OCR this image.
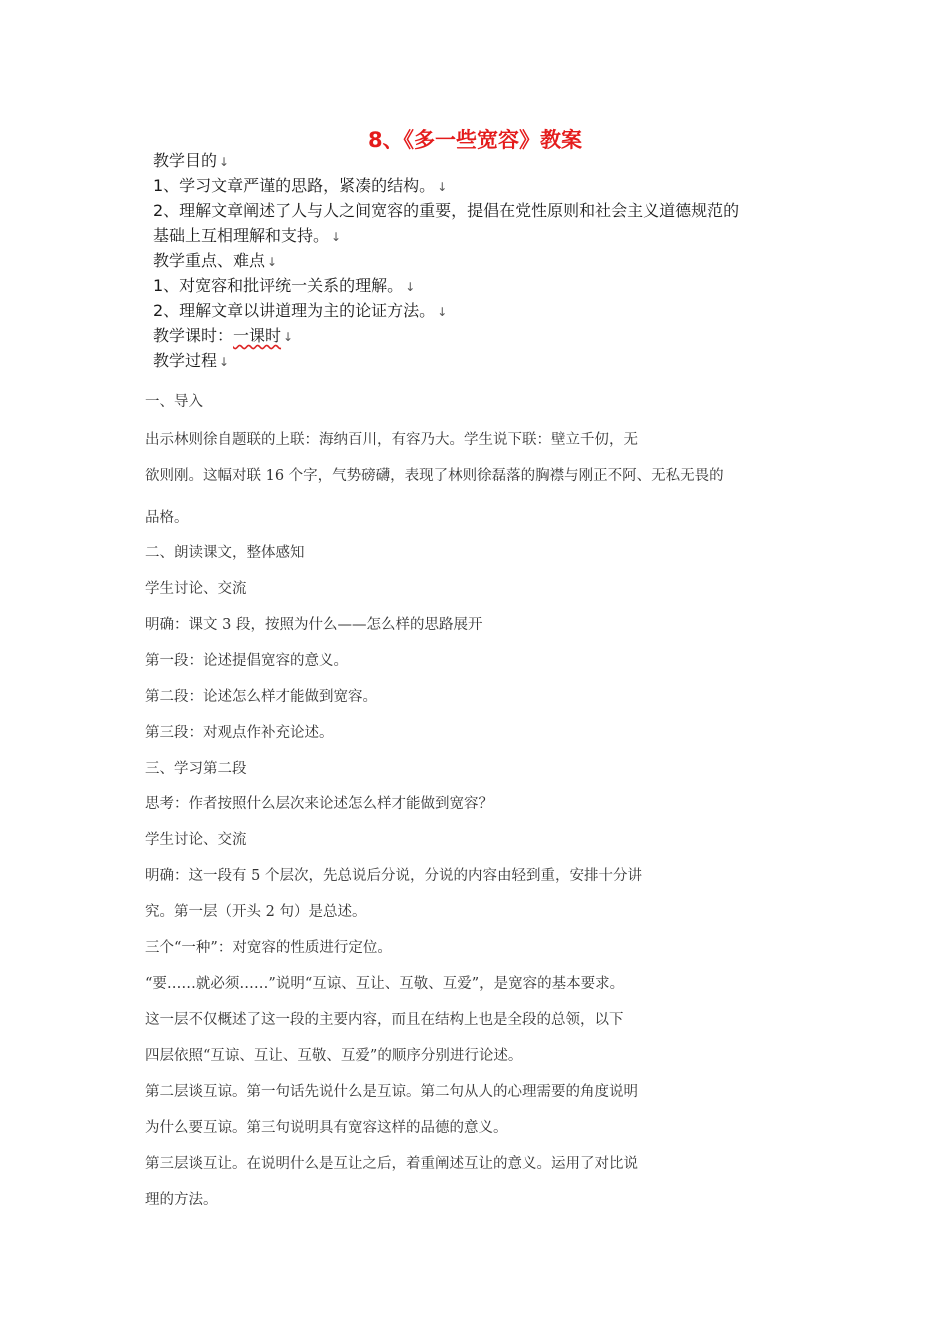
8、《多一些宽容》教案
教学目的 ↓
1、学习文章严谨的思路，紧凑的结构。 ↓
2、理解文章阐述了人与人之间宽容的重要，提倡在党性原则和社会主义道德规范的
基础上互相理解和支持。 ↓
教学重点、难点 ↓
1、对宽容和批评统一关系的理解。 ↓
2、理解文章以讲道理为主的论证方法。 ↓
教学课时：一课时 ↓
教学过程 ↓
一、导入
出示林则徐自题联的上联：海纳百川，有容乃大。学生说下联：壁立千仞，无
欲则刚。这幅对联 16 个字，气势磅礴，表现了林则徐磊落的胸襟与刚正不阿、无私无畏的
品格。
二、朗读课文，整体感知
学生讨论、交流
明确：课文 3 段，按照为什么——怎么样的思路展开
第一段：论述提倡宽容的意义。
第二段：论述怎么样才能做到宽容。
第三段：对观点作补充论述。
三、学习第二段
思考：作者按照什么层次来论述怎么样才能做到宽容？
学生讨论、交流
明确：这一段有 5 个层次，先总说后分说，分说的内容由轻到重，安排十分讲
究。第一层（开头 2 句）是总述。
三个“一种”：对宽容的性质进行定位。
“要……就必须……”说明“互谅、互让、互敬、互爱”，是宽容的基本要求。
这一层不仅概述了这一段的主要内容，而且在结构上也是全段的总领，以下
四层依照“互谅、互让、互敬、互爱”的顺序分别进行论述。
第二层谈互谅。第一句话先说什么是互谅。第二句从人的心理需要的角度说明
为什么要互谅。第三句说明具有宽容这样的品德的意义。
第三层谈互让。在说明什么是互让之后，着重阐述互让的意义。运用了对比说
理的方法。
